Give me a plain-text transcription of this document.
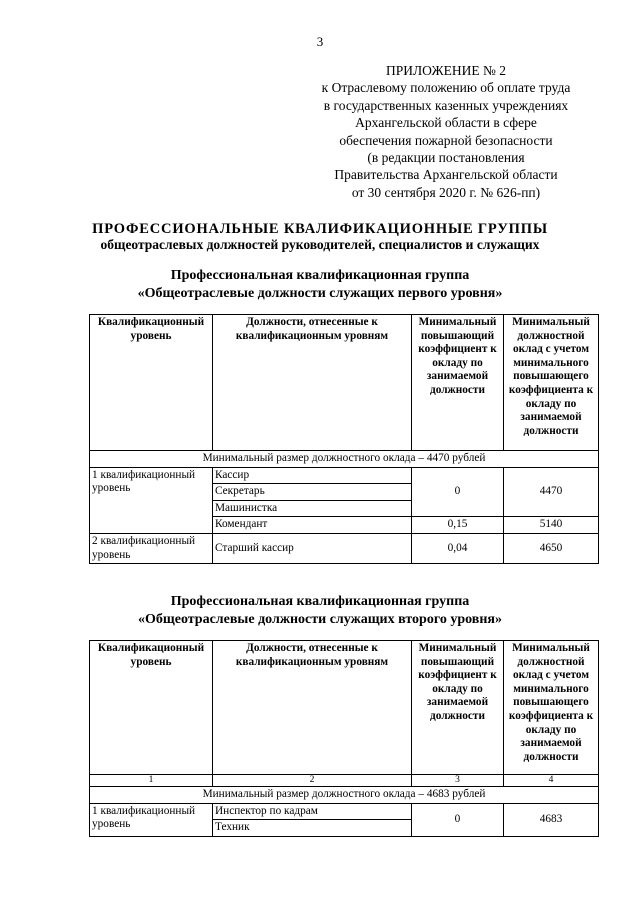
3
ПРИЛОЖЕНИЕ № 2
к Отраслевому положению об оплате труда
в государственных казенных учреждениях
Архангельской области в сфере
обеспечения пожарной безопасности
(в редакции постановления
Правительства Архангельской области
от 30 сентября 2020 г. № 626-пп)
ПРОФЕССИОНАЛЬНЫЕ КВАЛИФИКАЦИОННЫЕ ГРУППЫ
общеотраслевых должностей руководителей, специалистов и служащих
Профессиональная квалификационная группа
«Общеотраслевые должности служащих первого уровня»
Квалификационный уровень	Должности, отнесенные к квалификационным уровням	Минимальный повышающий коэффициент к окладу по занимаемой должности	Минимальный должностной оклад с учетом минимального повышающего коэффициента к окладу по занимаемой должности
Минимальный размер должностного оклада – 4470 рублей			
1 квалификационный уровень	Кассир	0	4470
	Секретарь		
	Машинистка		
	Комендант	0,15	5140
2 квалификационный уровень	Старший кассир	0,04	4650
Профессиональная квалификационная группа
«Общеотраслевые должности служащих второго уровня»
Квалификационный уровень	Должности, отнесенные к квалификационным уровням	Минимальный повышающий коэффициент к окладу по занимаемой должности	Минимальный должностной оклад с учетом минимального повышающего коэффициента к окладу по занимаемой должности
1	2	3	4
Минимальный размер должностного оклада – 4683 рублей			
1 квалификационный уровень	Инспектор по кадрам	0	4683
	Техник		
